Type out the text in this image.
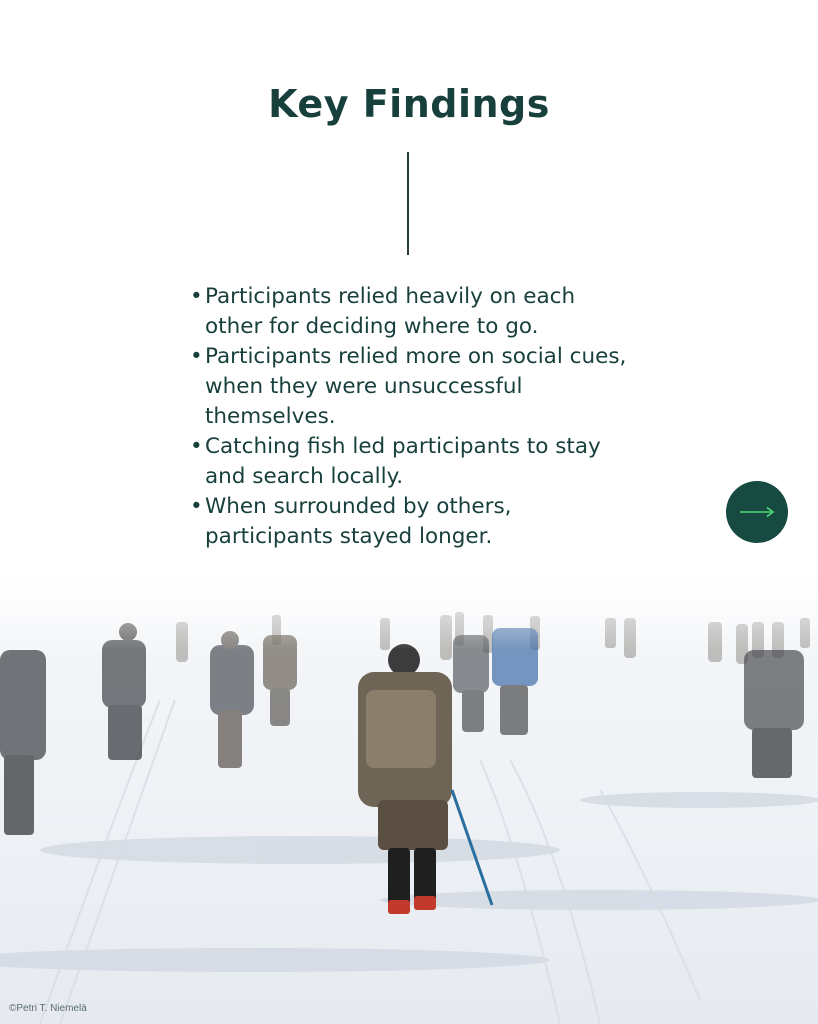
Key Findings
• Participants relied heavily on each other for deciding where to go.
• Participants relied more on social cues, when they were unsuccessful themselves.
• Catching fish led participants to stay and search locally.
• When surrounded by others, participants stayed longer.
©Petri T. Niemelä
